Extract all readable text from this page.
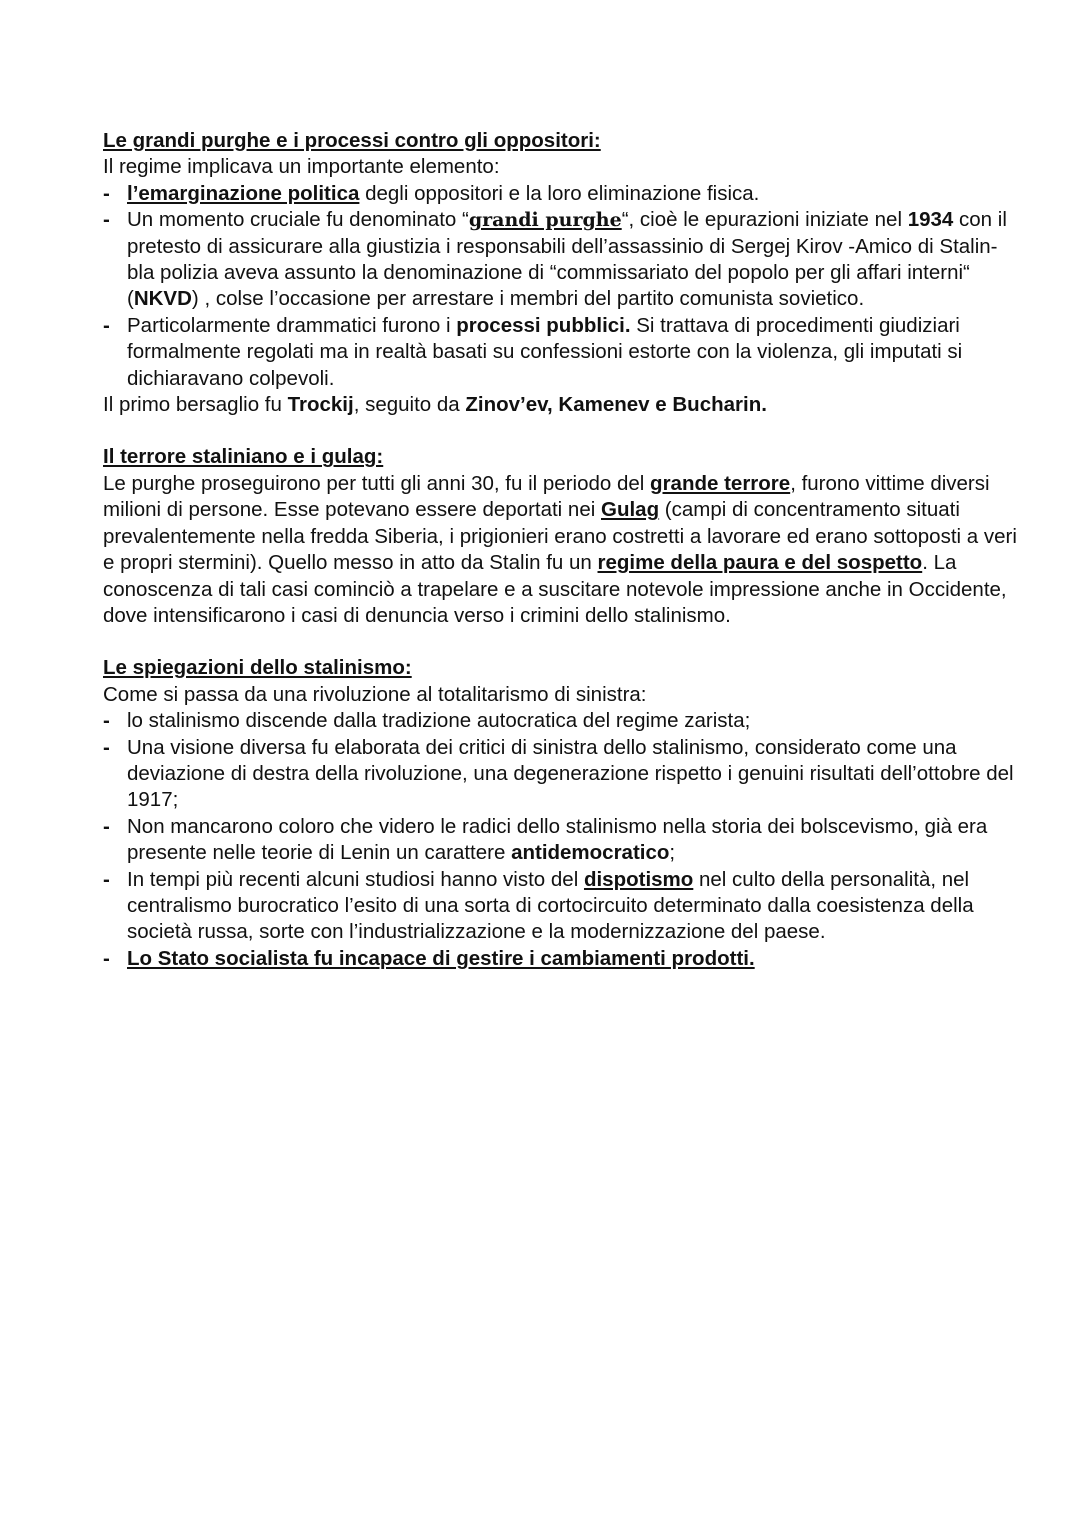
Le grandi purghe e i processi contro gli oppositori:

Il regime implicava un importante elemento:

- l’emarginazione politica degli oppositori e la loro eliminazione fisica.
- Un momento cruciale fu denominato “grandi purghe“, cioè le epurazioni iniziate nel 1934 con il pretesto di assicurare alla giustizia i responsabili dell’assassinio di Sergej Kirov -Amico di Stalin-bla polizia aveva assunto la denominazione di “commissariato del popolo per gli affari interni“ (NKVD) , colse l’occasione per arrestare i membri del partito comunista sovietico.
- Particolarmente drammatici furono i processi pubblici. Si trattava di procedimenti giudiziari formalmente regolati ma in realtà basati su confessioni estorte con la violenza, gli imputati si dichiaravano colpevoli.

Il primo bersaglio fu Trockij, seguito da Zinov’ev, Kamenev e Bucharin.

Il terrore staliniano e i gulag:

Le purghe proseguirono per tutti gli anni 30, fu il periodo del grande terrore, furono vittime diversi milioni di persone. Esse potevano essere deportati nei Gulag (campi di concentramento situati prevalentemente nella fredda Siberia, i prigionieri erano costretti a lavorare ed erano sottoposti a veri e propri stermini). Quello messo in atto da Stalin fu un regime della paura e del sospetto. La conoscenza di tali casi cominciò a trapelare e a suscitare notevole impressione anche in Occidente, dove intensificarono i casi di denuncia verso i crimini dello stalinismo.

Le spiegazioni dello stalinismo:

Come si passa da una rivoluzione al totalitarismo di sinistra:

- lo stalinismo discende dalla tradizione autocratica del regime zarista;
- Una visione diversa fu elaborata dei critici di sinistra dello stalinismo, considerato come una deviazione di destra della rivoluzione, una degenerazione rispetto i genuini risultati dell’ottobre del 1917;
- Non mancarono coloro che videro le radici dello stalinismo nella storia dei bolscevismo, già era presente nelle teorie di Lenin un carattere antidemocratico;
- In tempi più recenti alcuni studiosi hanno visto del dispotismo nel culto della personalità, nel centralismo burocratico l’esito di una sorta di cortocircuito determinato dalla coesistenza della società russa, sorte con l’industrializzazione e la modernizzazione del paese.
- Lo Stato socialista fu incapace di gestire i cambiamenti prodotti.
